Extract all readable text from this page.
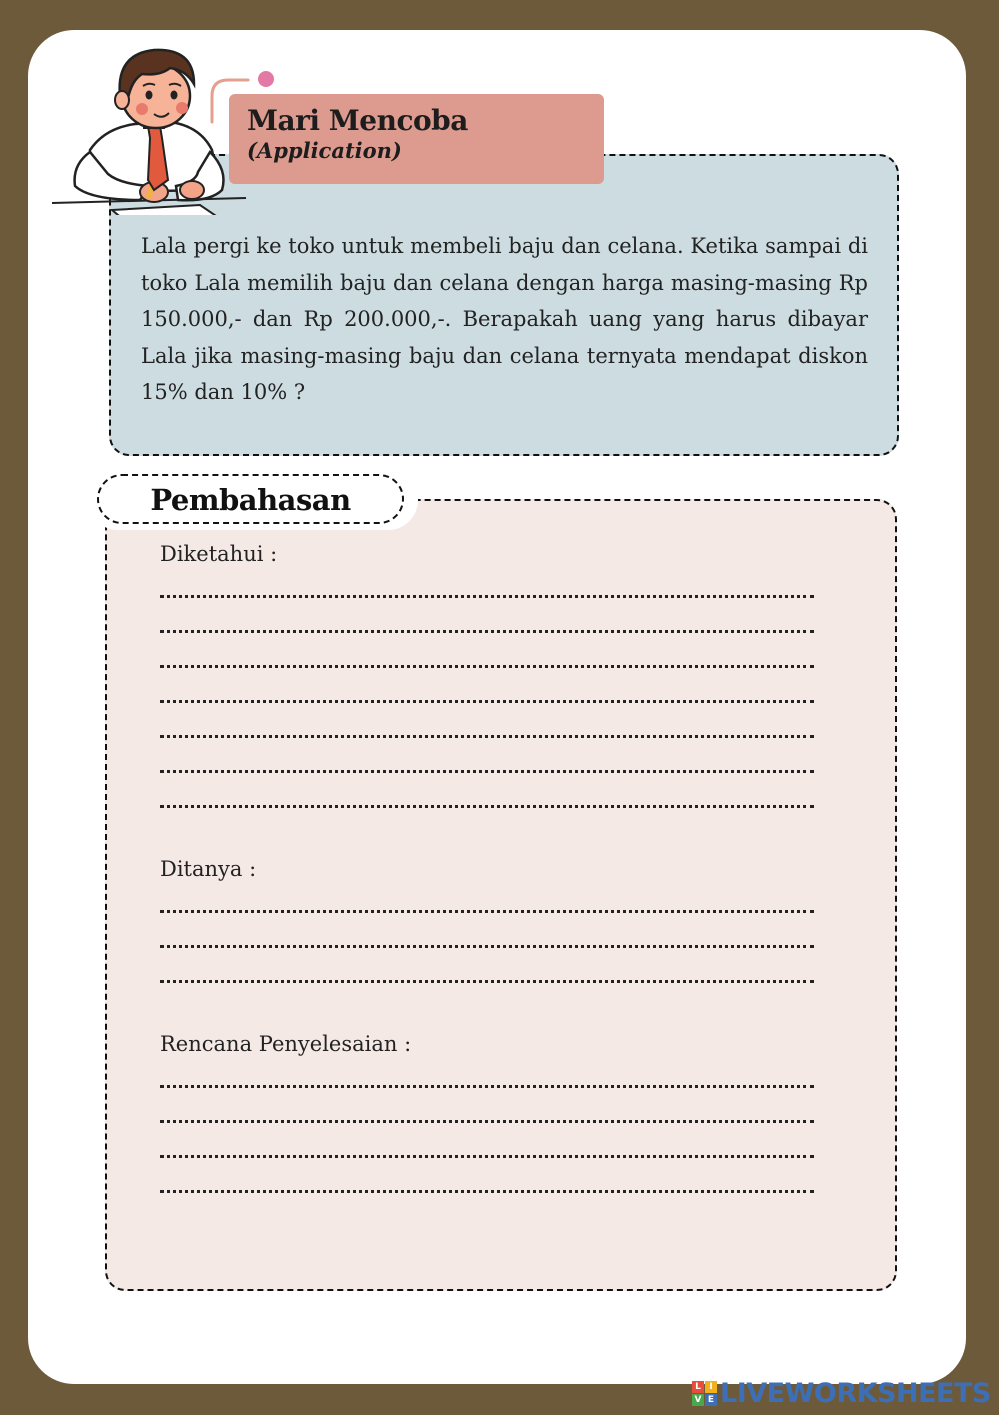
Lala pergi ke toko untuk membeli baju dan celana. Ketika sampai di toko Lala memilih baju dan celana dengan harga masing-masing Rp 150.000,- dan Rp 200.000,-. Berapakah uang yang harus dibayar Lala jika masing-masing baju dan celana ternyata mendapat diskon 15% dan 10% ?
Mari Mencoba
(Application)
Pembahasan
Diketahui :
Ditanya :
Rencana Penyelesaian :
L I
V E LIVEWORKSHEETS
